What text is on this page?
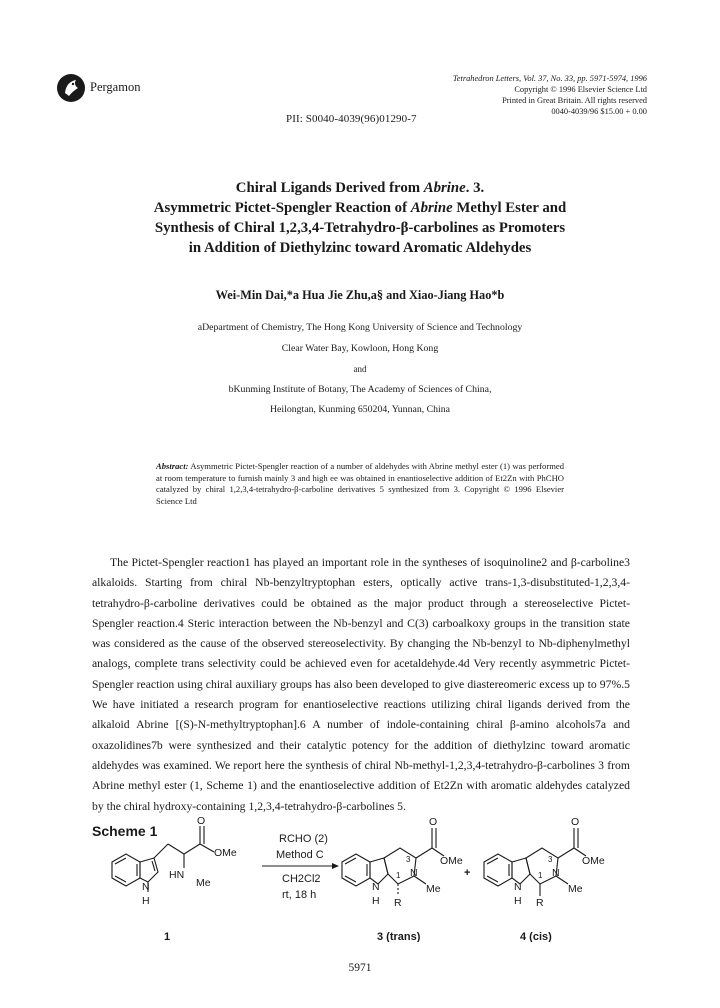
Pergamon
Tetrahedron Letters, Vol. 37, No. 33, pp. 5971-5974, 1996
Copyright © 1996 Elsevier Science Ltd
Printed in Great Britain. All rights reserved
0040-4039/96 $15.00 + 0.00
PII: S0040-4039(96)01290-7
Chiral Ligands Derived from Abrine. 3.
Asymmetric Pictet-Spengler Reaction of Abrine Methyl Ester and
Synthesis of Chiral 1,2,3,4-Tetrahydro-β-carbolines as Promoters
in Addition of Diethylzinc toward Aromatic Aldehydes
Wei-Min Dai,*a Hua Jie Zhu,a§ and Xiao-Jiang Hao*b
aDepartment of Chemistry, The Hong Kong University of Science and Technology
Clear Water Bay, Kowloon, Hong Kong
and
bKunming Institute of Botany, The Academy of Sciences of China,
Heilongtan, Kunming 650204, Yunnan, China
Abstract: Asymmetric Pictet-Spengler reaction of a number of aldehydes with Abrine methyl ester (1) was performed at room temperature to furnish mainly 3 and high ee was obtained in enantioselective addition of Et2Zn with PhCHO catalyzed by chiral 1,2,3,4-tetrahydro-β-carboline derivatives 5 synthesized from 3. Copyright © 1996 Elsevier Science Ltd
The Pictet-Spengler reaction1 has played an important role in the syntheses of isoquinoline2 and β-carboline3 alkaloids. Starting from chiral Nb-benzyltryptophan esters, optically active trans-1,3-disubstituted-1,2,3,4-tetrahydro-β-carboline derivatives could be obtained as the major product through a stereoselective Pictet-Spengler reaction.4 Steric interaction between the Nb-benzyl and C(3) carboalkoxy groups in the transition state was considered as the cause of the observed stereoselectivity. By changing the Nb-benzyl to Nb-diphenylmethyl analogs, complete trans selectivity could be achieved even for acetaldehyde.4d Very recently asymmetric Pictet-Spengler reaction using chiral auxiliary groups has also been developed to give diastereomeric excess up to 97%.5 We have initiated a research program for enantioselective reactions utilizing chiral ligands derived from the alkaloid Abrine [(S)-N-methyltryptophan].6 A number of indole-containing chiral β-amino alcohols7a and oxazolidines7b were synthesized and their catalytic potency for the addition of diethylzinc toward aromatic aldehydes was examined. We report here the synthesis of chiral Nb-methyl-1,2,3,4-tetrahydro-β-carbolines 3 from Abrine methyl ester (1, Scheme 1) and the enantioselective addition of Et2Zn with aromatic aldehydes catalyzed by the chiral hydroxy-containing 1,2,3,4-tetrahydro-β-carbolines 5.
Scheme 1
O
OMe
HN
Me
N
H
RCHO (2)
Method C
CH2Cl2
rt, 18 h
O
OMe
3
1 N
Me
N
H R
+
O
OMe
3
1 N
Me
N
H R
1	3 (trans)	4 (cis)
5971
